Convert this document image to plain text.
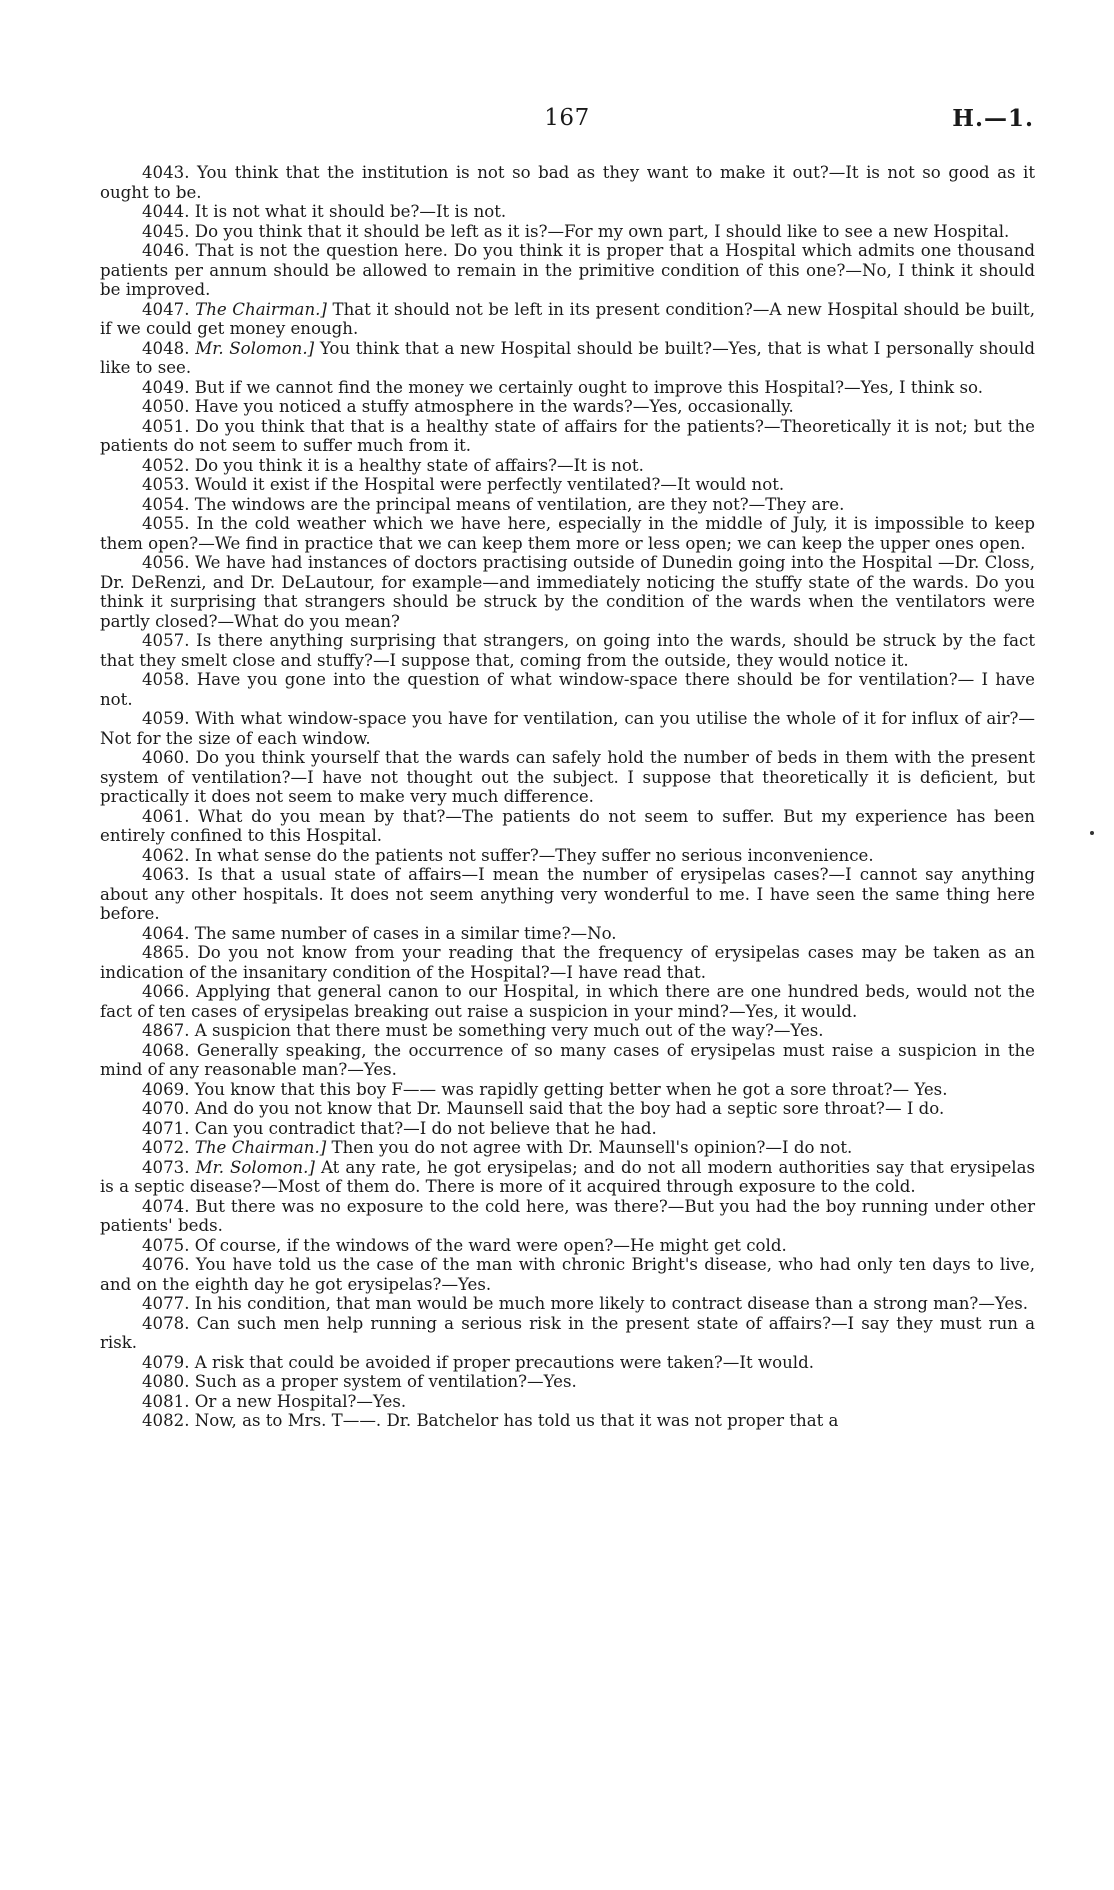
167	H.—1.

4043. You think that the institution is not so bad as they want to make it out?—It is not so good as it ought to be.

4044. It is not what it should be?—It is not.

4045. Do you think that it should be left as it is?—For my own part, I should like to see a new Hospital.

4046. That is not the question here. Do you think it is proper that a Hospital which admits one thousand patients per annum should be allowed to remain in the primitive condition of this one?—No, I think it should be improved.

4047. The Chairman.] That it should not be left in its present condition?—A new Hospital should be built, if we could get money enough.

4048. Mr. Solomon.] You think that a new Hospital should be built?—Yes, that is what I personally should like to see.

4049. But if we cannot find the money we certainly ought to improve this Hospital?—Yes, I think so.

4050. Have you noticed a stuffy atmosphere in the wards?—Yes, occasionally.

4051. Do you think that that is a healthy state of affairs for the patients?—Theoretically it is not; but the patients do not seem to suffer much from it.

4052. Do you think it is a healthy state of affairs?—It is not.

4053. Would it exist if the Hospital were perfectly ventilated?—It would not.

4054. The windows are the principal means of ventilation, are they not?—They are.

4055. In the cold weather which we have here, especially in the middle of July, it is impossible to keep them open?—We find in practice that we can keep them more or less open; we can keep the upper ones open.

4056. We have had instances of doctors practising outside of Dunedin going into the Hospital —Dr. Closs, Dr. DeRenzi, and Dr. DeLautour, for example—and immediately noticing the stuffy state of the wards. Do you think it surprising that strangers should be struck by the condition of the wards when the ventilators were partly closed?—What do you mean?

4057. Is there anything surprising that strangers, on going into the wards, should be struck by the fact that they smelt close and stuffy?—I suppose that, coming from the outside, they would notice it.

4058. Have you gone into the question of what window-space there should be for ventilation?— I have not.

4059. With what window-space you have for ventilation, can you utilise the whole of it for influx of air?—Not for the size of each window.

4060. Do you think yourself that the wards can safely hold the number of beds in them with the present system of ventilation?—I have not thought out the subject. I suppose that theoretically it is deficient, but practically it does not seem to make very much difference.

4061. What do you mean by that?—The patients do not seem to suffer. But my experience has been entirely confined to this Hospital.

4062. In what sense do the patients not suffer?—They suffer no serious inconvenience.

4063. Is that a usual state of affairs—I mean the number of erysipelas cases?—I cannot say anything about any other hospitals. It does not seem anything very wonderful to me. I have seen the same thing here before.

4064. The same number of cases in a similar time?—No.

4865. Do you not know from your reading that the frequency of erysipelas cases may be taken as an indication of the insanitary condition of the Hospital?—I have read that.

4066. Applying that general canon to our Hospital, in which there are one hundred beds, would not the fact of ten cases of erysipelas breaking out raise a suspicion in your mind?—Yes, it would.

4867. A suspicion that there must be something very much out of the way?—Yes.

4068. Generally speaking, the occurrence of so many cases of erysipelas must raise a suspicion in the mind of any reasonable man?—Yes.

4069. You know that this boy F—— was rapidly getting better when he got a sore throat?— Yes.

4070. And do you not know that Dr. Maunsell said that the boy had a septic sore throat?— I do.

4071. Can you contradict that?—I do not believe that he had.

4072. The Chairman.] Then you do not agree with Dr. Maunsell's opinion?—I do not.

4073. Mr. Solomon.] At any rate, he got erysipelas; and do not all modern authorities say that erysipelas is a septic disease?—Most of them do. There is more of it acquired through exposure to the cold.

4074. But there was no exposure to the cold here, was there?—But you had the boy running under other patients' beds.

4075. Of course, if the windows of the ward were open?—He might get cold.

4076. You have told us the case of the man with chronic Bright's disease, who had only ten days to live, and on the eighth day he got erysipelas?—Yes.

4077. In his condition, that man would be much more likely to contract disease than a strong man?—Yes.

4078. Can such men help running a serious risk in the present state of affairs?—I say they must run a risk.

4079. A risk that could be avoided if proper precautions were taken?—It would.

4080. Such as a proper system of ventilation?—Yes.

4081. Or a new Hospital?—Yes.

4082. Now, as to Mrs. T——. Dr. Batchelor has told us that it was not proper that a
